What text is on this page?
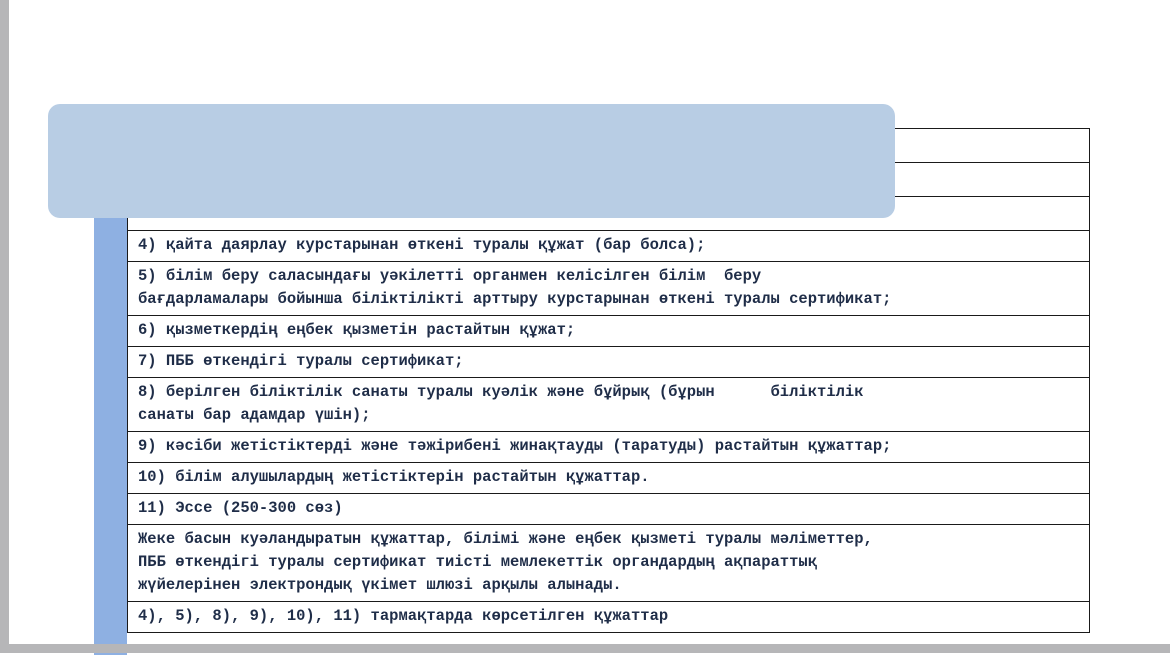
4) қайта даярлау курстарынан өткені туралы құжат (бар болса);
5) білім беру саласындағы уәкілетті органмен келісілген білім  беру
бағдарламалары бойынша біліктілікті арттыру курстарынан өткені туралы сертификат;
6) қызметкердің еңбек қызметін растайтын құжат;
7) ПББ өткендігі туралы сертификат;
8) берілген біліктілік санаты туралы куәлік және бұйрық (бұрын      біліктілік
санаты бар адамдар үшін);
9) кәсіби жетістіктерді және тәжірибені жинақтауды (таратуды) растайтын құжаттар;
10) білім алушылардың жетістіктерін растайтын құжаттар.
11) Эссе (250-300 сөз)
Жеке басын куәландыратын құжаттар, білімі және еңбек қызметі туралы мәліметтер,
ПББ өткендігі туралы сертификат тиісті мемлекеттік органдардың ақпараттық
жүйелерінен электрондық үкімет шлюзі арқылы алынады.
4), 5), 8), 9), 10), 11) тармақтарда көрсетілген құжаттар
